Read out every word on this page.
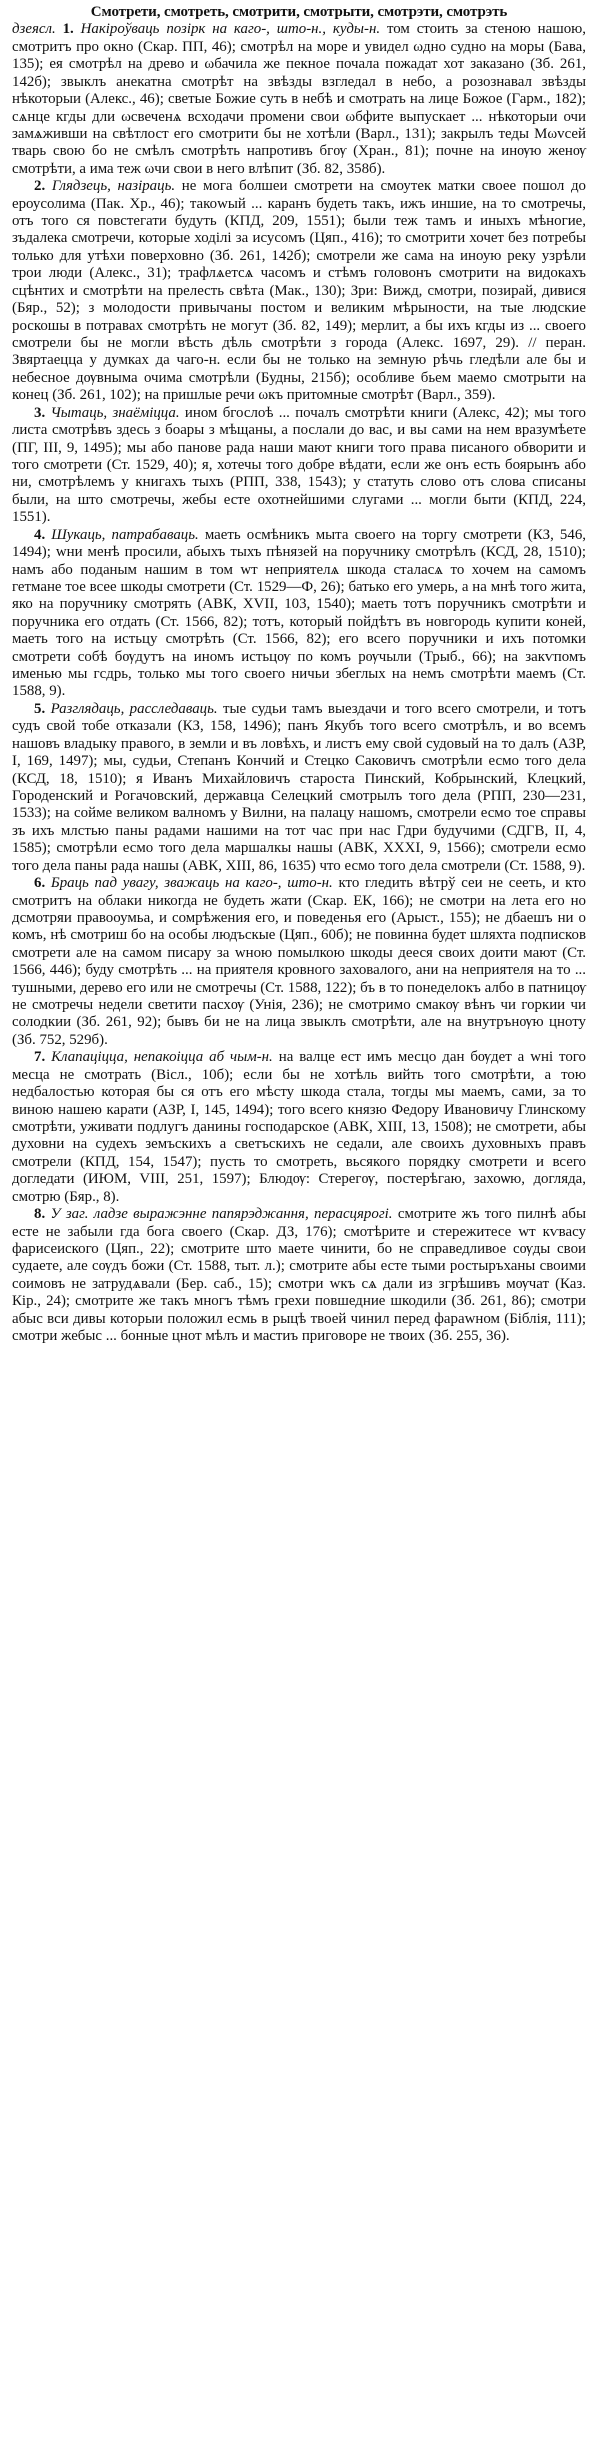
Смотрети, смотреть, смотрити, смотрыти, смотрэти, смотрэть

дзеясл. 1. Накіроўваць позірк на каго-, што-н., куды-н. том стоить за стеною нашою, смотритъ про окно (Скар. ПП, 46); смотрѣл на море и увидел ωдно судно на моры (Бава, 135); ея смотрѣл на древо и ωбачила же пекное почала пожадат хот заказано (Зб. 261, 142б); звыклъ анекатна смотрѣт на звѣзды взгледал в небо, а розознавал звѣзды нѣкоторыи (Алекс., 46); светые Божие суть в небѣ и смотрать на лице Божое (Гарм., 182); сѧнце кгды дли ωсвеченѧ всходачи промени свои ωбфите выпускает ... нѣкоторыи очи замѧживши на свѣтлост его смотрити бы не хотѣли (Варл., 131); закрылъ теды Мωvсей тварь свою бо не смѣлъ смотрѣть напротивъ бгѹ (Хран., 81); почне на инѹю женѹ смотрѣти, а има теж ωчи свои в него влѣпит (Зб. 82, 358б).

2. Глядзець, назіраць. не мога болшеи смотрети на смоутек матки своее пошол до ероусолима (Пак. Хр., 46); такоwый ... каранъ будеть такъ, ижъ иншие, на то смотречы, отъ того ся повстегати будуть (КПД, 209, 1551); были теж тамъ и иныхъ мѣногие, зъдалека смотречи, которые ходілі за исусомъ (Цяп., 416); то смотрити хочет без потребы только для утѣхи поверховно (Зб. 261, 142б); смотрели же сама на иноую реку узрѣли трои люди (Алекс., 31); трафлѧетсѧ часомъ и стѣмъ головонъ смотрити на видокахъ сцѣнтих и смотрѣти на прелесть свѣта (Мак., 130); Зри: Вижд, смотри, позирай, дивися (Бяр., 52); з молодости привычаны постом и великим мѣрыности, на тые людские роскошы в потравах смотрѣть не могут (Зб. 82, 149); мерлит, а бы ихъ кгды из ... своего смотрели бы не могли вѣсть дѣль смотрѣти з города (Алекс. 1697, 29). // перан. Звяртаецца у думках да чаго-н. если бы не только на земную рѣчь гледѣли але бы и небесное дѹвныма очима смотрѣли (Будны, 215б); особливе бьем маемо смотрыти на конец (Зб. 261, 102); на пришлые речи ωкъ притомные смотрѣт (Варл., 359).

3. Чытаць, знаёміцца. ином бгослоѣ ... почалъ смотрѣти книги (Алекс, 42); мы того листа смотрѣвъ здесь з боары з мѣщаны, а послали до вас, и вы сами на нем вразумѣете (ПГ, III, 9, 1495); мы або панове рада наши мают книги того права писаного обворити и того смотрети (Ст. 1529, 40); я, хотечы того добре вѣдати, если же онъ есть боярынъ або ни, смотрѣлемъ у книгахъ тыхъ (РПП, 338, 1543); у статуть слово отъ слова списаны были, на што смотречы, жебы есте охотнейшими слугами ... могли быти (КПД, 224, 1551).

4. Шукаць, патрабаваць. маеть осмѣникъ мыта своего на торгу смотрети (КЗ, 546, 1494); wни менѣ просили, абыхъ тыхъ пѣнязей на поручнику смотрѣлъ (КСД, 28, 1510); намъ або поданым нашим в том wт неприятелѧ шкода сталасѧ то хочем на самомъ гетмане тое всее шкоды смотрети (Ст. 1529—Ф, 26); батько его умерь, а на мнѣ того жита, яко на поручнику смотрять (АВК, XVII, 103, 1540); маеть тотъ поручникъ смотрѣти и поручника его отдать (Ст. 1566, 82); тотъ, который пойдѣтъ въ новгородь купити коней, маеть того на истьцу смотрѣть (Ст. 1566, 82); его всего поручники и ихъ потомки смотрети собѣ бѹдутъ на иномъ истьцѹ по комъ рѹчыли (Трыб., 66); на закѵпомъ именью мы гсдрь, только мы того своего ничьи збеглых на немъ смотрѣти маемъ (Ст. 1588, 9).

5. Разглядаць, расследаваць. тые судьи тамъ выездачи и того всего смотрели, и тотъ судъ свой тобе отказали (КЗ, 158, 1496); панъ Якубъ того всего смотрѣлъ, и во всемъ нашовъ владыку правого, в земли и въ ловѣхъ, и листъ ему свой судовый на то далъ (АЗР, I, 169, 1497); мы, судьи, Степанъ Кончий и Стецко Саковичъ смотрѣли есмо того дела (КСД, 18, 1510); я Иванъ Михайловичъ староста Пинский, Кобрынский, Клецкий, Городенский и Рогачовский, державца Селецкий смотрылъ того дела (РПП, 230—231, 1533); на сойме великом валномъ у Вилни, на палацу нашомъ, смотрели есмо тое справы зъ ихъ млстью паны радами нашими на тот час при нас Гдри будучими (СДГВ, II, 4, 1585); смотрѣли есмо того дела маршалкы нашы (АВК, XXXI, 9, 1566); смотрели есмо того дела паны рада нашы (АВК, XIII, 86, 1635) что есмо того дела смотрели (Ст. 1588, 9).

6. Браць пад увагу, зважаць на каго-, што-н. кто гледить вѣтрў сеи не сееть, и кто смотритъ на облаки никогда не будеть жати (Скар. ЕК, 166); не смотри на лета его но дсмотряи правооумьа, и сомрѣжения его, и поведенья его (Арыст., 155); не дбаешъ ни о комъ, нѣ смотриш бо на особы людъскые (Цяп., 60б); не повинна будет шляхта подписков смотрети але на самом писару за wною помылкою шкоды дееся своих доити мают (Ст. 1566, 446); буду смотрѣть ... на приятеля кровного заховалого, ани на неприятеля на то ... тушными, дерево его или не смотречы (Ст. 1588, 122); бъ в то понеделокъ албо в патницѹ не смотречы недели светити пасхѹ (Унія, 236); не смотримо смакѹ вѣнъ чи горкии чи солодкии (Зб. 261, 92); бывъ би не на лица звыклъ смотрѣти, але на внутрънѹю цноту (Зб. 752, 529б).

7. Клапаціцца, непакоіцца аб чым-н. на валце ест имъ месцо дан бѹдет а wні того месца не смотрать (Вісл., 10б); если бы не хотѣль вийть того смотрѣти, а тою недбалостью которая бы ся отъ его мѣсту шкода стала, тогды мы маемъ, сами, за то виною нашею карати (АЗР, I, 145, 1494); того всего князю Федору Ивановичу Глинскому смотрѣти, уживати подлугъ данины господарское (АВК, XIII, 13, 1508); не смотрети, абы духовни на судехъ земъскихъ а светъскихъ не седали, але своихъ духовныхъ правъ смотрели (КПД, 154, 1547); пусть то смотреть, вьсякого порядку смотрети и всего догледати (ИЮМ, VIII, 251, 1597); Блюдѹ: Стерегѹ, постерѣгаю, захоѡю, догляда, смотрю (Бяр., 8).

8. У заг. ладзе выражэнне папярэджання, перасцярогі. смотрите жъ того пилнѣ абы есте не забыли гда бога своего (Скар. ДЗ, 176); смотѣрите и стережитесе wт кѵвасу фарисеиского (Цяп., 22); смотрите што маете чинити, бо не справедливое сѹды свои судаете, але сѹдъ божи (Ст. 1588, тыт. л.); смотрите абы есте тыми ростыръханы своими соимовъ не затрудѧвали (Бер. саб., 15); смотри wкъ сѧ дали из згрѣшивъ мѹчат (Каз. Кір., 24); смотрите же такъ многъ тѣмъ грехи повшедние шкодили (Зб. 261, 86); смотри абыс вси дивы которыи положил есмь в рыцѣ твоей чинил перед фараwном (Біблія, 111); смотри жебыс ... бонные цнот мѣлъ и мастиъ приговоре не твоих (Зб. 255, 36).
